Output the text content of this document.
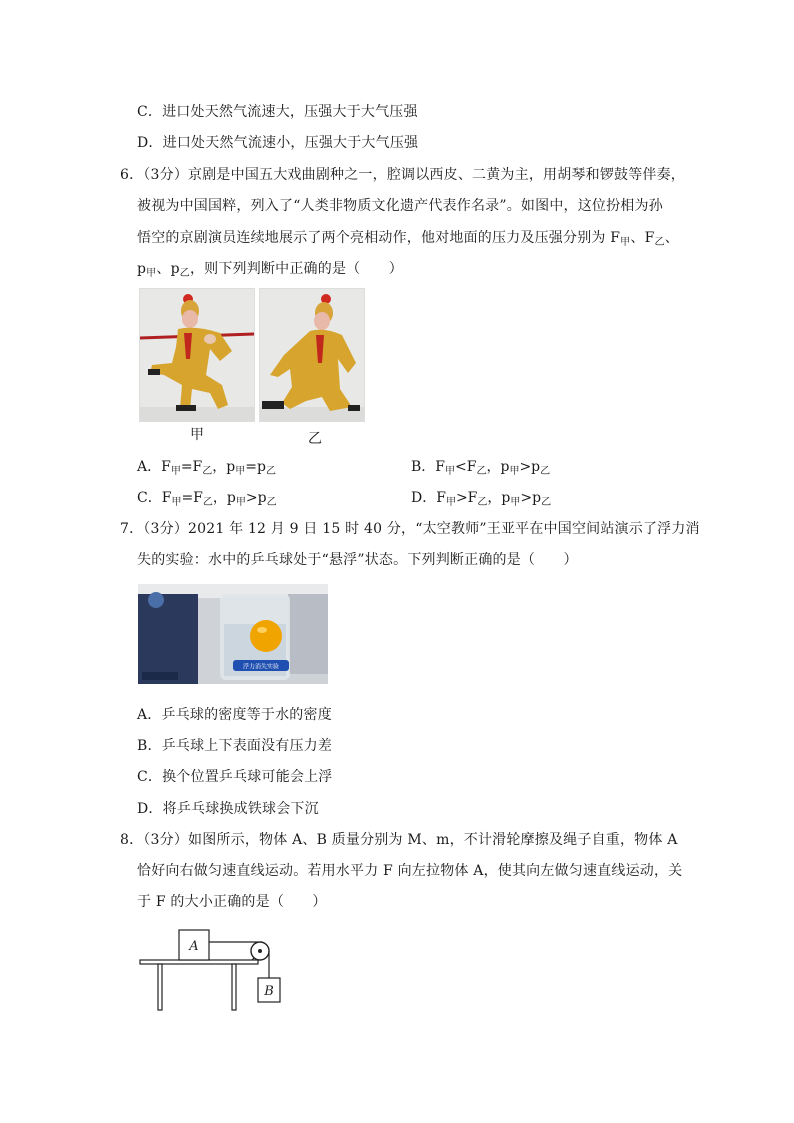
C．进口处天然气流速大，压强大于大气压强
D．进口处天然气流速小，压强大于大气压强
6．（3分）京剧是中国五大戏曲剧种之一，腔调以西皮、二黄为主，用胡琴和锣鼓等伴奏，
被视为中国国粹，列入了“人类非物质文化遗产代表作名录”。如图中，这位扮相为孙
悟空的京剧演员连续地展示了两个亮相动作，他对地面的压力及压强分别为 $F_甲$、$F_乙$、
$p_甲$、$p_乙$，则下列判断中正确的是（　　）
甲	乙
A．$F_甲=F_乙$，$p_甲=p_乙$	B．$F_甲<F_乙$，$p_甲>p_乙$
C．$F_甲=F_乙$，$p_甲>p_乙$	D．$F_甲>F_乙$，$p_甲>p_乙$
7．（3分）2021 年 12 月 9 日 15 时 40 分，“太空教师”王亚平在中国空间站演示了浮力消
失的实验：水中的乒乓球处于“悬浮”状态。下列判断正确的是（　　）
浮力消失实验
A．乒乓球的密度等于水的密度
B．乒乓球上下表面没有压力差
C．换个位置乒乓球可能会上浮
D．将乒乓球换成铁球会下沉
8．（3分）如图所示，物体 A、B 质量分别为 M、m，不计滑轮摩擦及绳子自重，物体 A
恰好向右做匀速直线运动。若用水平力 F 向左拉物体 A，使其向左做匀速直线运动，关
于 F 的大小正确的是（　　）
A
B
